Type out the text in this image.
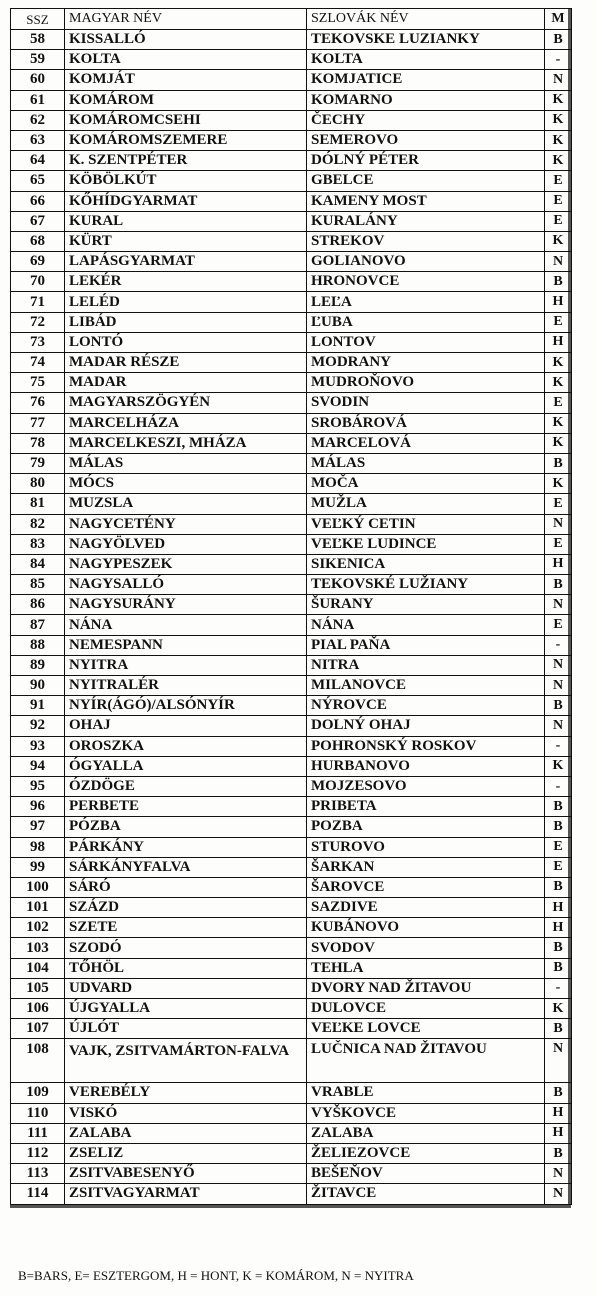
SSZ	MAGYAR NÉV	SZLOVÁK NÉV	M
58	KISSALLÓ	TEKOVSKE LUZIANKY	B
59	KOLTA	KOLTA	-
60	KOMJÁT	KOMJATICE	N
61	KOMÁROM	KOMARNO	K
62	KOMÁROMCSEHI	ČECHY	K
63	KOMÁROMSZEMERE	SEMEROVO	K
64	K. SZENTPÉTER	DÓLNÝ PÉTER	K
65	KÖBÖLKÚT	GBELCE	E
66	KŐHÍDGYARMAT	KAMENY MOST	E
67	KURAL	KURALÁNY	E
68	KÜRT	STREKOV	K
69	LAPÁSGYARMAT	GOLIANOVO	N
70	LEKÉR	HRONOVCE	B
71	LELÉD	LEĽA	H
72	LIBÁD	ĽUBA	E
73	LONTÓ	LONTOV	H
74	MADAR RÉSZE	MODRANY	K
75	MADAR	MUDROŇOVO	K
76	MAGYARSZÖGYÉN	SVODIN	E
77	MARCELHÁZA	SROBÁROVÁ	K
78	MARCELKESZI, MHÁZA	MARCELOVÁ	K
79	MÁLAS	MÁLAS	B
80	MÓCS	MOČA	K
81	MUZSLA	MUŽLA	E
82	NAGYCETÉNY	VEĽKÝ CETIN	N
83	NAGYÖLVED	VEĽKE LUDINCE	E
84	NAGYPESZEK	SIKENICA	H
85	NAGYSALLÓ	TEKOVSKÉ LUŽIANY	B
86	NAGYSURÁNY	ŠURANY	N
87	NÁNA	NÁNA	E
88	NEMESPANN	PIAL PAŇA	-
89	NYITRA	NITRA	N
90	NYITRALÉR	MILANOVCE	N
91	NYÍR(ÁGÓ)/ALSÓNYÍR	NÝROVCE	B
92	OHAJ	DOLNÝ OHAJ	N
93	OROSZKA	POHRONSKÝ ROSKOV	-
94	ÓGYALLA	HURBANOVO	K
95	ÓZDÖGE	MOJZESOVO	-
96	PERBETE	PRIBETA	B
97	PÓZBA	POZBA	B
98	PÁRKÁNY	STUROVO	E
99	SÁRKÁNYFALVA	ŠARKAN	E
100	SÁRÓ	ŠAROVCE	B
101	SZÁZD	SAZDIVE	H
102	SZETE	KUBÁNOVO	H
103	SZODÓ	SVODOV	B
104	TŐHÖL	TEHLA	B
105	UDVARD	DVORY NAD ŽITAVOU	-
106	ÚJGYALLA	DULOVCE	K
107	ÚJLÓT	VEĽKE LOVCE	B
108	VAJK, ZSITVAMÁRTON-FALVA	LUČNICA NAD ŽITAVOU	N
109	VEREBÉLY	VRABLE	B
110	VISKÓ	VYŠKOVCE	H
111	ZALABA	ZALABA	H
112	ZSELIZ	ŽELIEZOVCE	B
113	ZSITVABESENYŐ	BEŠEŇOV	N
114	ZSITVAGYARMAT	ŽITAVCE	N
B=BARS, E= ESZTERGOM, H = HONT, K = KOMÁROM, N = NYITRA
